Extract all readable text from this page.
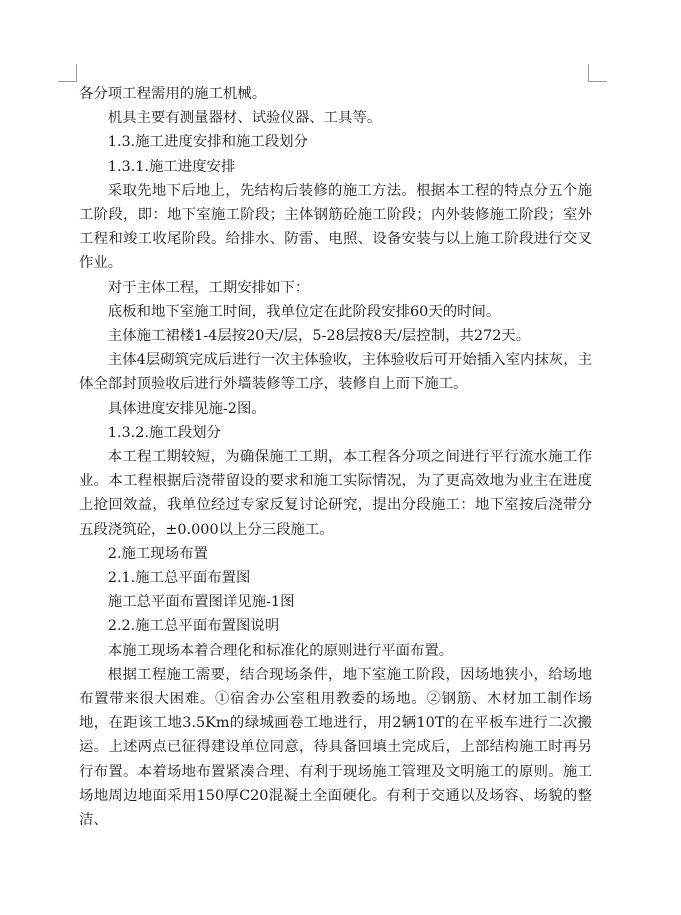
各分项工程需用的施工机械。

机具主要有测量器材、试验仪器、工具等。

1.3.施工进度安排和施工段划分

1.3.1.施工进度安排

采取先地下后地上，先结构后装修的施工方法。根据本工程的特点分五个施工阶段，即：地下室施工阶段；主体钢筋砼施工阶段；内外装修施工阶段；室外工程和竣工收尾阶段。给排水、防雷、电照、设备安装与以上施工阶段进行交叉作业。

对于主体工程，工期安排如下：

底板和地下室施工时间，我单位定在此阶段安排60天的时间。

主体施工裙楼1-4层按20天/层，5-28层按8天/层控制，共272天。

主体4层砌筑完成后进行一次主体验收，主体验收后可开始插入室内抹灰，主体全部封顶验收后进行外墙装修等工序，装修自上而下施工。

具体进度安排见施-2图。

1.3.2.施工段划分

本工程工期较短，为确保施工工期，本工程各分项之间进行平行流水施工作业。本工程根据后浇带留设的要求和施工实际情况，为了更高效地为业主在进度上抢回效益，我单位经过专家反复讨论研究，提出分段施工：地下室按后浇带分五段浇筑砼，±0.000以上分三段施工。

2.施工现场布置

2.1.施工总平面布置图

施工总平面布置图详见施-1图

2.2.施工总平面布置图说明

本施工现场本着合理化和标准化的原则进行平面布置。

根据工程施工需要，结合现场条件，地下室施工阶段，因场地狭小，给场地布置带来很大困难。①宿舍办公室租用教委的场地。②钢筋、木材加工制作场地，在距该工地3.5Km的绿城画卷工地进行，用2辆10T的在平板车进行二次搬运。上述两点已征得建设单位同意，待具备回填土完成后，上部结构施工时再另行布置。本着场地布置紧凑合理、有利于现场施工管理及文明施工的原则。施工场地周边地面采用150厚C20混凝土全面硬化。有利于交通以及场容、场貌的整洁、
